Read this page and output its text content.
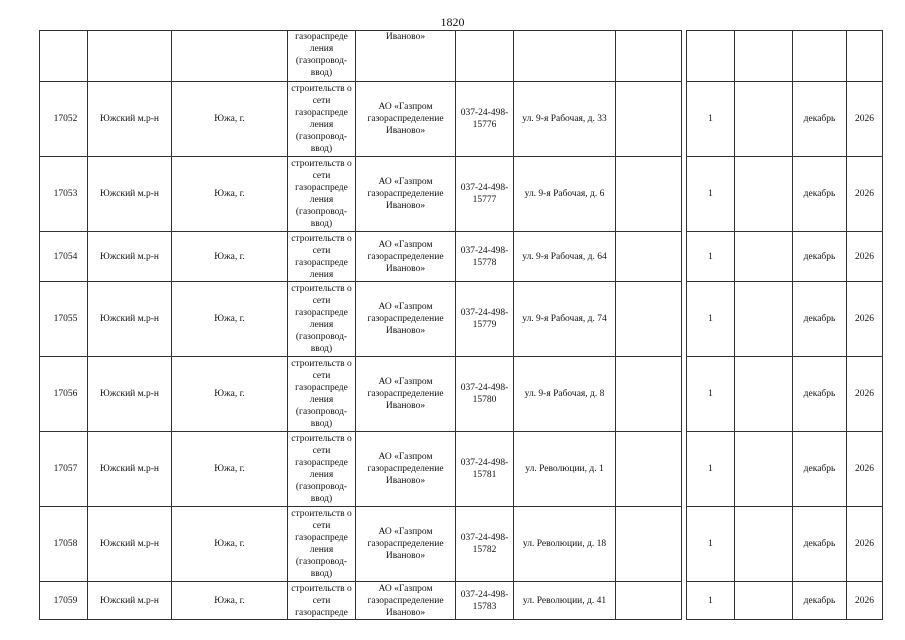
1820
			газораспреде ления (газопровод-ввод)	Иваново»								
17052	Южский м.р-н	Южа, г.	строительств о сети газораспреде ления (газопровод-ввод)	АО «Газпром газораспределение Иваново»	037-24-498-15776	ул. 9-я Рабочая, д. 33			1		декабрь	2026
17053	Южский м.р-н	Южа, г.	строительств о сети газораспреде ления (газопровод-ввод)	АО «Газпром газораспределение Иваново»	037-24-498-15777	ул. 9-я Рабочая, д. 6			1		декабрь	2026
17054	Южский м.р-н	Южа, г.	строительств о сети газораспреде ления	АО «Газпром газораспределение Иваново»	037-24-498-15778	ул. 9-я Рабочая, д. 64			1		декабрь	2026
17055	Южский м.р-н	Южа, г.	строительств о сети газораспреде ления (газопровод-ввод)	АО «Газпром газораспределение Иваново»	037-24-498-15779	ул. 9-я Рабочая, д. 74			1		декабрь	2026
17056	Южский м.р-н	Южа, г.	строительств о сети газораспреде ления (газопровод-ввод)	АО «Газпром газораспределение Иваново»	037-24-498-15780	ул. 9-я Рабочая, д. 8			1		декабрь	2026
17057	Южский м.р-н	Южа, г.	строительств о сети газораспреде ления (газопровод-ввод)	АО «Газпром газораспределение Иваново»	037-24-498-15781	ул. Революции, д. 1			1		декабрь	2026
17058	Южский м.р-н	Южа, г.	строительств о сети газораспреде ления (газопровод-ввод)	АО «Газпром газораспределение Иваново»	037-24-498-15782	ул. Революции, д. 18			1		декабрь	2026
17059	Южский м.р-н	Южа, г.	строительств о сети газораспреде	АО «Газпром газораспределение Иваново»	037-24-498-15783	ул. Революции, д. 41			1		декабрь	2026
